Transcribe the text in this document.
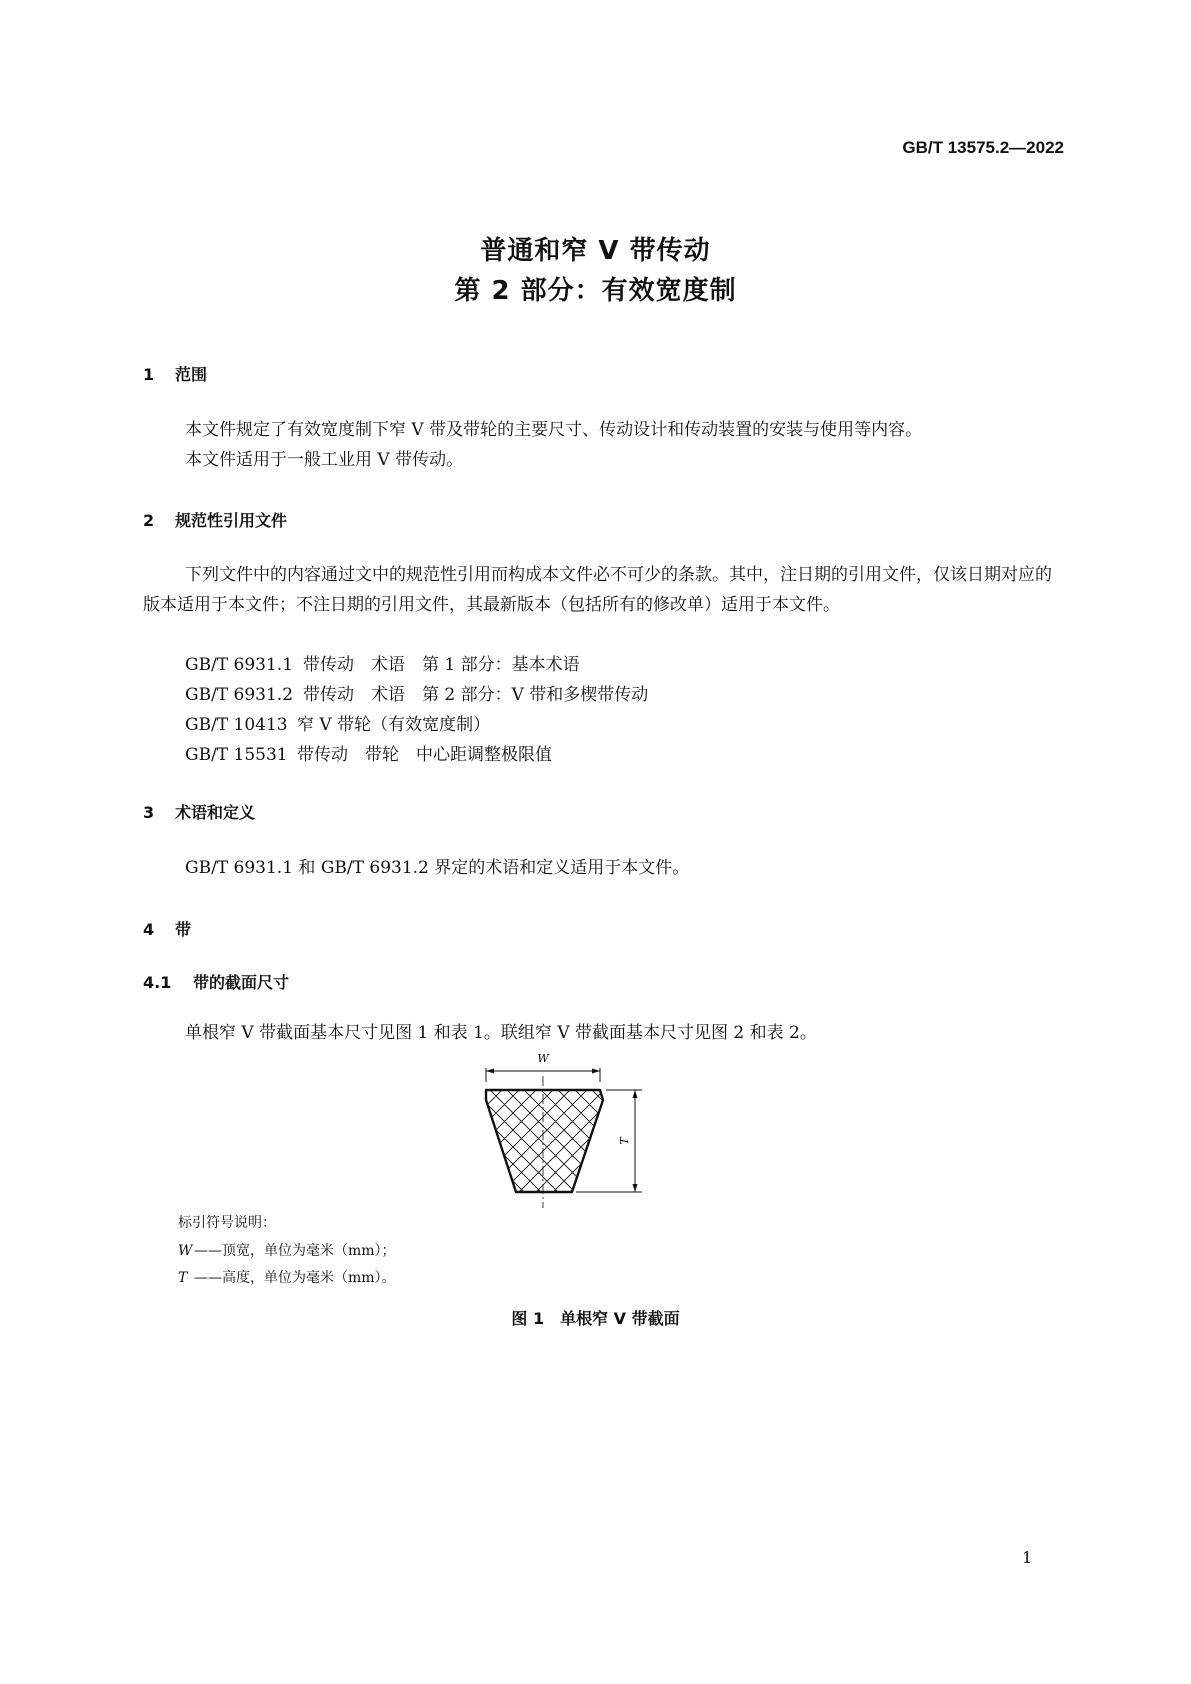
GB/T 13575.2—2022
普通和窄 V 带传动
第 2 部分：有效宽度制
1 范围
本文件规定了有效宽度制下窄 V 带及带轮的主要尺寸、传动设计和传动装置的安装与使用等内容。
本文件适用于一般工业用 V 带传动。
2 规范性引用文件
下列文件中的内容通过文中的规范性引用而构成本文件必不可少的条款。其中，注日期的引用文件，仅该日期对应的版本适用于本文件；不注日期的引用文件，其最新版本（包括所有的修改单）适用于本文件。
GB/T 6931.1 带传动　术语　第 1 部分：基本术语
GB/T 6931.2 带传动　术语　第 2 部分：V 带和多楔带传动
GB/T 10413 窄 V 带轮（有效宽度制）
GB/T 15531 带传动　带轮　中心距调整极限值
3 术语和定义
GB/T 6931.1 和 GB/T 6931.2 界定的术语和定义适用于本文件。
4 带
4.1 带的截面尺寸
单根窄 V 带截面基本尺寸见图 1 和表 1。联组窄 V 带截面基本尺寸见图 2 和表 2。
W
T
标引符号说明：
W ——顶宽，单位为毫米（mm）；
T ——高度，单位为毫米（mm）。
图 1　单根窄 V 带截面
1
